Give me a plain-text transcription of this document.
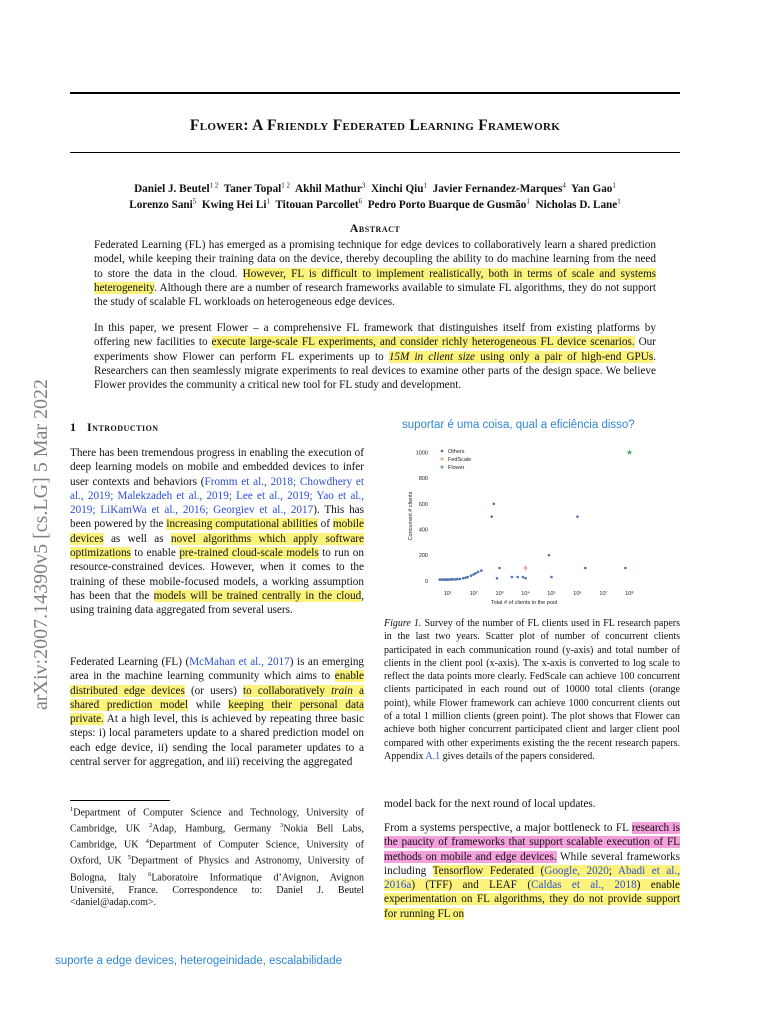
Flower: A Friendly Federated Learning Framework
Daniel J. Beutel$^{1 2}$ Taner Topal$^{1 2}$ Akhil Mathur$^3$ Xinchi Qiu$^1$ Javier Fernandez-Marques$^4$ Yan Gao$^1$
Lorenzo Sani$^5$ Kwing Hei Li$^1$ Titouan Parcollet$^6$ Pedro Porto Buarque de Gusmão$^1$ Nicholas D. Lane$^1$
arXiv:2007.14390v5 [cs.LG] 5 Mar 2022
Abstract
Federated Learning (FL) has emerged as a promising technique for edge devices to collaboratively learn a shared prediction model, while keeping their training data on the device, thereby decoupling the ability to do machine learning from the need to store the data in the cloud. However, FL is difficult to implement realistically, both in terms of scale and systems heterogeneity. Although there are a number of research frameworks available to simulate FL algorithms, they do not support the study of scalable FL workloads on heterogeneous edge devices.
In this paper, we present Flower – a comprehensive FL framework that distinguishes itself from existing platforms by offering new facilities to execute large-scale FL experiments, and consider richly heterogeneous FL device scenarios. Our experiments show Flower can perform FL experiments up to 15M in client size using only a pair of high-end GPUs. Researchers can then seamlessly migrate experiments to real devices to examine other parts of the design space. We believe Flower provides the community a critical new tool for FL study and development.
1 Introduction	suportar é uma coisa, qual a eficiência disso?
There has been tremendous progress in enabling the execution of deep learning models on mobile and embedded devices to infer user contexts and behaviors (Fromm et al., 2018; Chowdhery et al., 2019; Malekzadeh et al., 2019; Lee et al., 2019; Yao et al., 2019; LiKamWa et al., 2016; Georgiev et al., 2017). This has been powered by the increasing computational abilities of mobile devices as well as novel algorithms which apply software optimizations to enable pre-trained cloud-scale models to run on resource-constrained devices. However, when it comes to the training of these mobile-focused models, a working assumption has been that the models will be trained centrally in the cloud, using training data aggregated from several users.
Federated Learning (FL) (McMahan et al., 2017) is an emerging area in the machine learning community which aims to enable distributed edge devices (or users) to collaboratively train a shared prediction model while keeping their personal data private. At a high level, this is achieved by repeating three basic steps: i) local parameters update to a shared prediction model on each edge device, ii) sending the local parameter updates to a central server for aggregation, and iii) receiving the aggregated
$^1$Department of Computer Science and Technology, University of Cambridge, UK $^2$Adap, Hamburg, Germany $^3$Nokia Bell Labs, Cambridge, UK $^4$Department of Computer Science, University of Oxford, UK $^5$Department of Physics and Astronomy, University of Bologna, Italy $^6$Laboratoire Informatique d’Avignon, Avignon Université, France. Correspondence to: Daniel J. Beutel <daniel@adap.com>.
suporte a edge devices, heterogeinidade, escalabilidade
0
200
400
600
800
1000
10¹	10²	10³	10⁴	10⁵	10⁶	10⁷	10⁸
Total # of clients in the pool
Concurrent # clients
★
Others
FedScale
★ Flower
Figure 1. Survey of the number of FL clients used in FL research papers in the last two years. Scatter plot of number of concurrent clients participated in each communication round (y-axis) and total number of clients in the client pool (x-axis). The x-axis is converted to log scale to reflect the data points more clearly. FedScale can achieve 100 concurrent clients participated in each round out of 10000 total clients (orange point), while Flower framework can achieve 1000 concurrent clients out of a total 1 million clients (green point). The plot shows that Flower can achieve both higher concurrent participated client and larger client pool compared with other experiments existing the the recent research papers. Appendix A.1 gives details of the papers considered.
model back for the next round of local updates.
From a systems perspective, a major bottleneck to FL research is the paucity of frameworks that support scalable execution of FL methods on mobile and edge devices. While several frameworks including Tensorflow Federated (Google, 2020; Abadi et al., 2016a) (TFF) and LEAF (Caldas et al., 2018) enable experimentation on FL algorithms, they do not provide support for running FL on
